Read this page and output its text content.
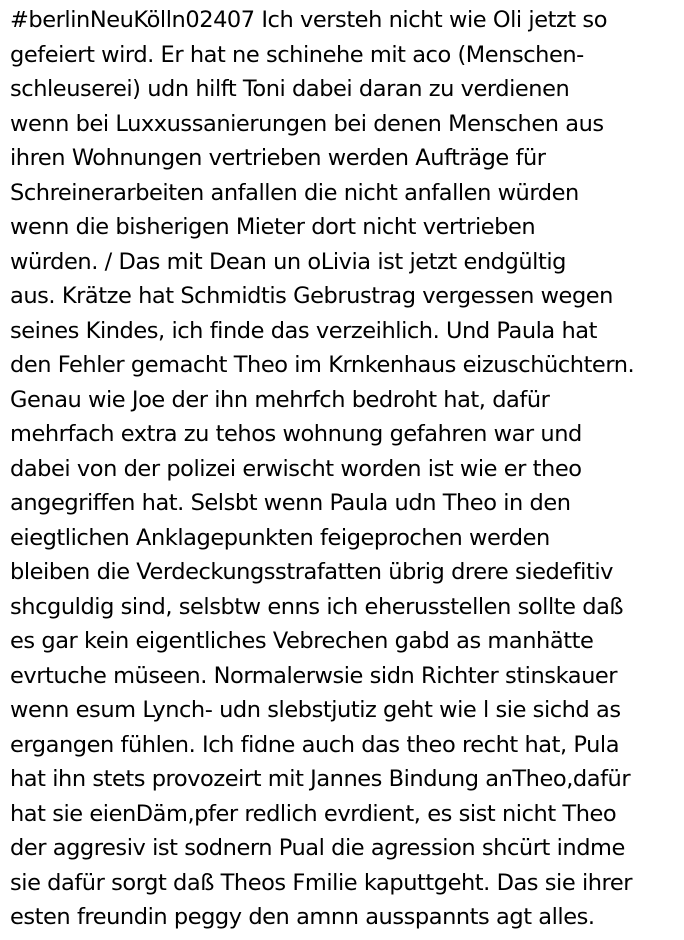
#berlinNeuKölln02407 Ich versteh nicht wie Oli jetzt so
gefeiert wird. Er hat ne schinehe mit aco (Menschen-
schleuserei) udn hilft Toni dabei daran zu verdienen
wenn bei Luxxussanierungen bei denen Menschen aus
ihren Wohnungen vertrieben werden Aufträge für
Schreinerarbeiten anfallen die nicht anfallen würden
wenn die bisherigen Mieter dort nicht vertrieben
würden. / Das mit Dean un oLivia ist jetzt endgültig
aus. Krätze hat Schmidtis Gebrustrag vergessen wegen
seines Kindes, ich finde das verzeihlich. Und Paula hat
den Fehler gemacht Theo im Krnkenhaus eizuschüchtern.
Genau wie Joe der ihn mehrfch bedroht hat, dafür
mehrfach extra zu tehos wohnung gefahren war und
dabei von der polizei erwischt worden ist wie er theo
angegriffen hat. Selsbt wenn Paula udn Theo in den
eiegtlichen Anklagepunkten feigeprochen werden
bleiben die Verdeckungsstrafatten übrig drere siedefitiv
shcguldig sind, selsbtw enns ich eherusstellen sollte daß
es gar kein eigentliches Vebrechen gabd as manhätte
evrtuche müseen. Normalerwsie sidn Richter stinskauer
wenn esum Lynch- udn slebstjutiz geht wie l sie sichd as
ergangen fühlen. Ich fidne auch das theo recht hat, Pula
hat ihn stets provozeirt mit Jannes Bindung anTheo,dafür
hat sie eienDäm,pfer redlich evrdient, es sist nicht Theo
der aggresiv ist sodnern Pual die agression shcürt indme
sie dafür sorgt daß Theos Fmilie kaputtgeht. Das sie ihrer
esten freundin peggy den amnn ausspannts agt alles.
